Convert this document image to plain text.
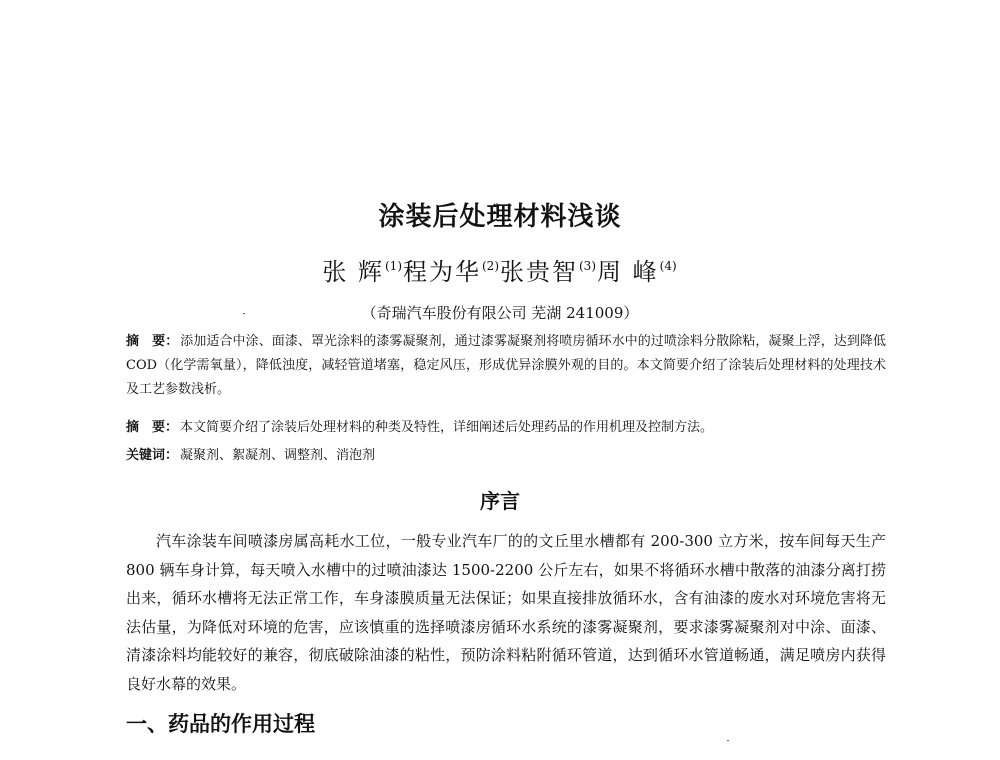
涂装后处理材料浅谈
张 辉$^{(1)}$程为华$^{(2)}$张贵智$^{(3)}$周 峰$^{(4)}$
（奇瑞汽车股份有限公司 芜湖 241009）
摘　要： 添加适合中涂、面漆、罩光涂料的漆雾凝聚剂，通过漆雾凝聚剂将喷房循环水中的过喷涂料分散除粘，凝聚上浮，达到降低 COD（化学需氧量），降低浊度，减轻管道堵塞，稳定风压，形成优异涂膜外观的目的。本文简要介绍了涂装后处理材料的处理技术及工艺参数浅析。
摘　要： 本文简要介绍了涂装后处理材料的种类及特性，详细阐述后处理药品的作用机理及控制方法。
关键词： 凝聚剂、絮凝剂、调整剂、消泡剂
序言
汽车涂装车间喷漆房属高耗水工位，一般专业汽车厂的的文丘里水槽都有 200-300 立方米，按车间每天生产 800 辆车身计算，每天喷入水槽中的过喷油漆达 1500-2200 公斤左右，如果不将循环水槽中散落的油漆分离打捞出来，循环水槽将无法正常工作，车身漆膜质量无法保证；如果直接排放循环水，含有油漆的废水对环境危害将无法估量，为降低对环境的危害，应该慎重的选择喷漆房循环水系统的漆雾凝聚剂，要求漆雾凝聚剂对中涂、面漆、清漆涂料均能较好的兼容，彻底破除油漆的粘性，预防涂料粘附循环管道，达到循环水管道畅通，满足喷房内获得良好水幕的效果。
一、药品的作用过程
